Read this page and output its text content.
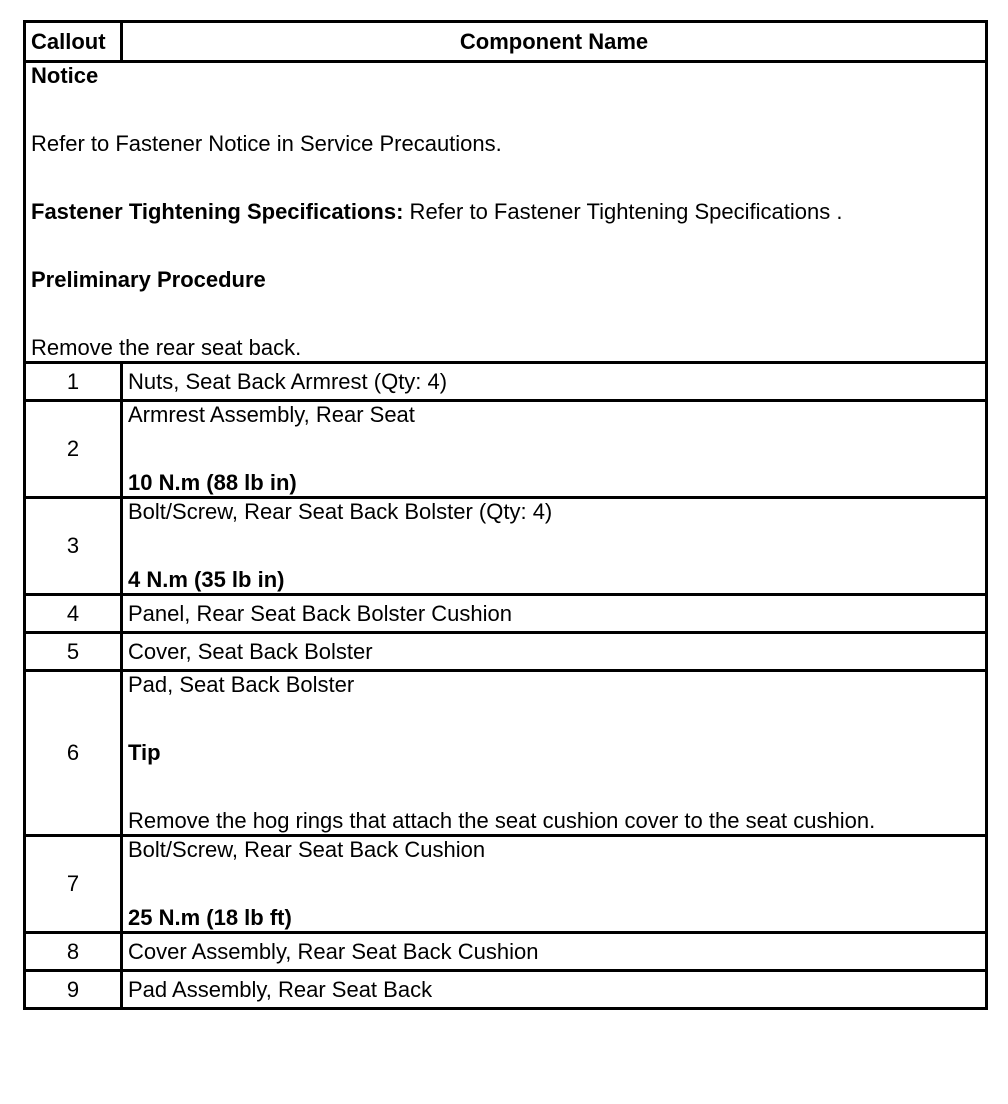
Callout	Component Name

Notice

Refer to Fastener Notice in Service Precautions.

Fastener Tightening Specifications: Refer to Fastener Tightening Specifications .

Preliminary Procedure

Remove the rear seat back.	

1	Nuts, Seat Back Armrest (Qty: 4)
2	Armrest Assembly, Rear Seat

10 N.m (88 lb in)

3	Bolt/Screw, Rear Seat Back Bolster (Qty: 4)

4 N.m (35 lb in)

4	Panel, Rear Seat Back Bolster Cushion
5	Cover, Seat Back Bolster
6	Pad, Seat Back Bolster

Tip

Remove the hog rings that attach the seat cushion cover to the seat cushion.

7	Bolt/Screw, Rear Seat Back Cushion

25 N.m (18 lb ft)

8	Cover Assembly, Rear Seat Back Cushion
9	Pad Assembly, Rear Seat Back
